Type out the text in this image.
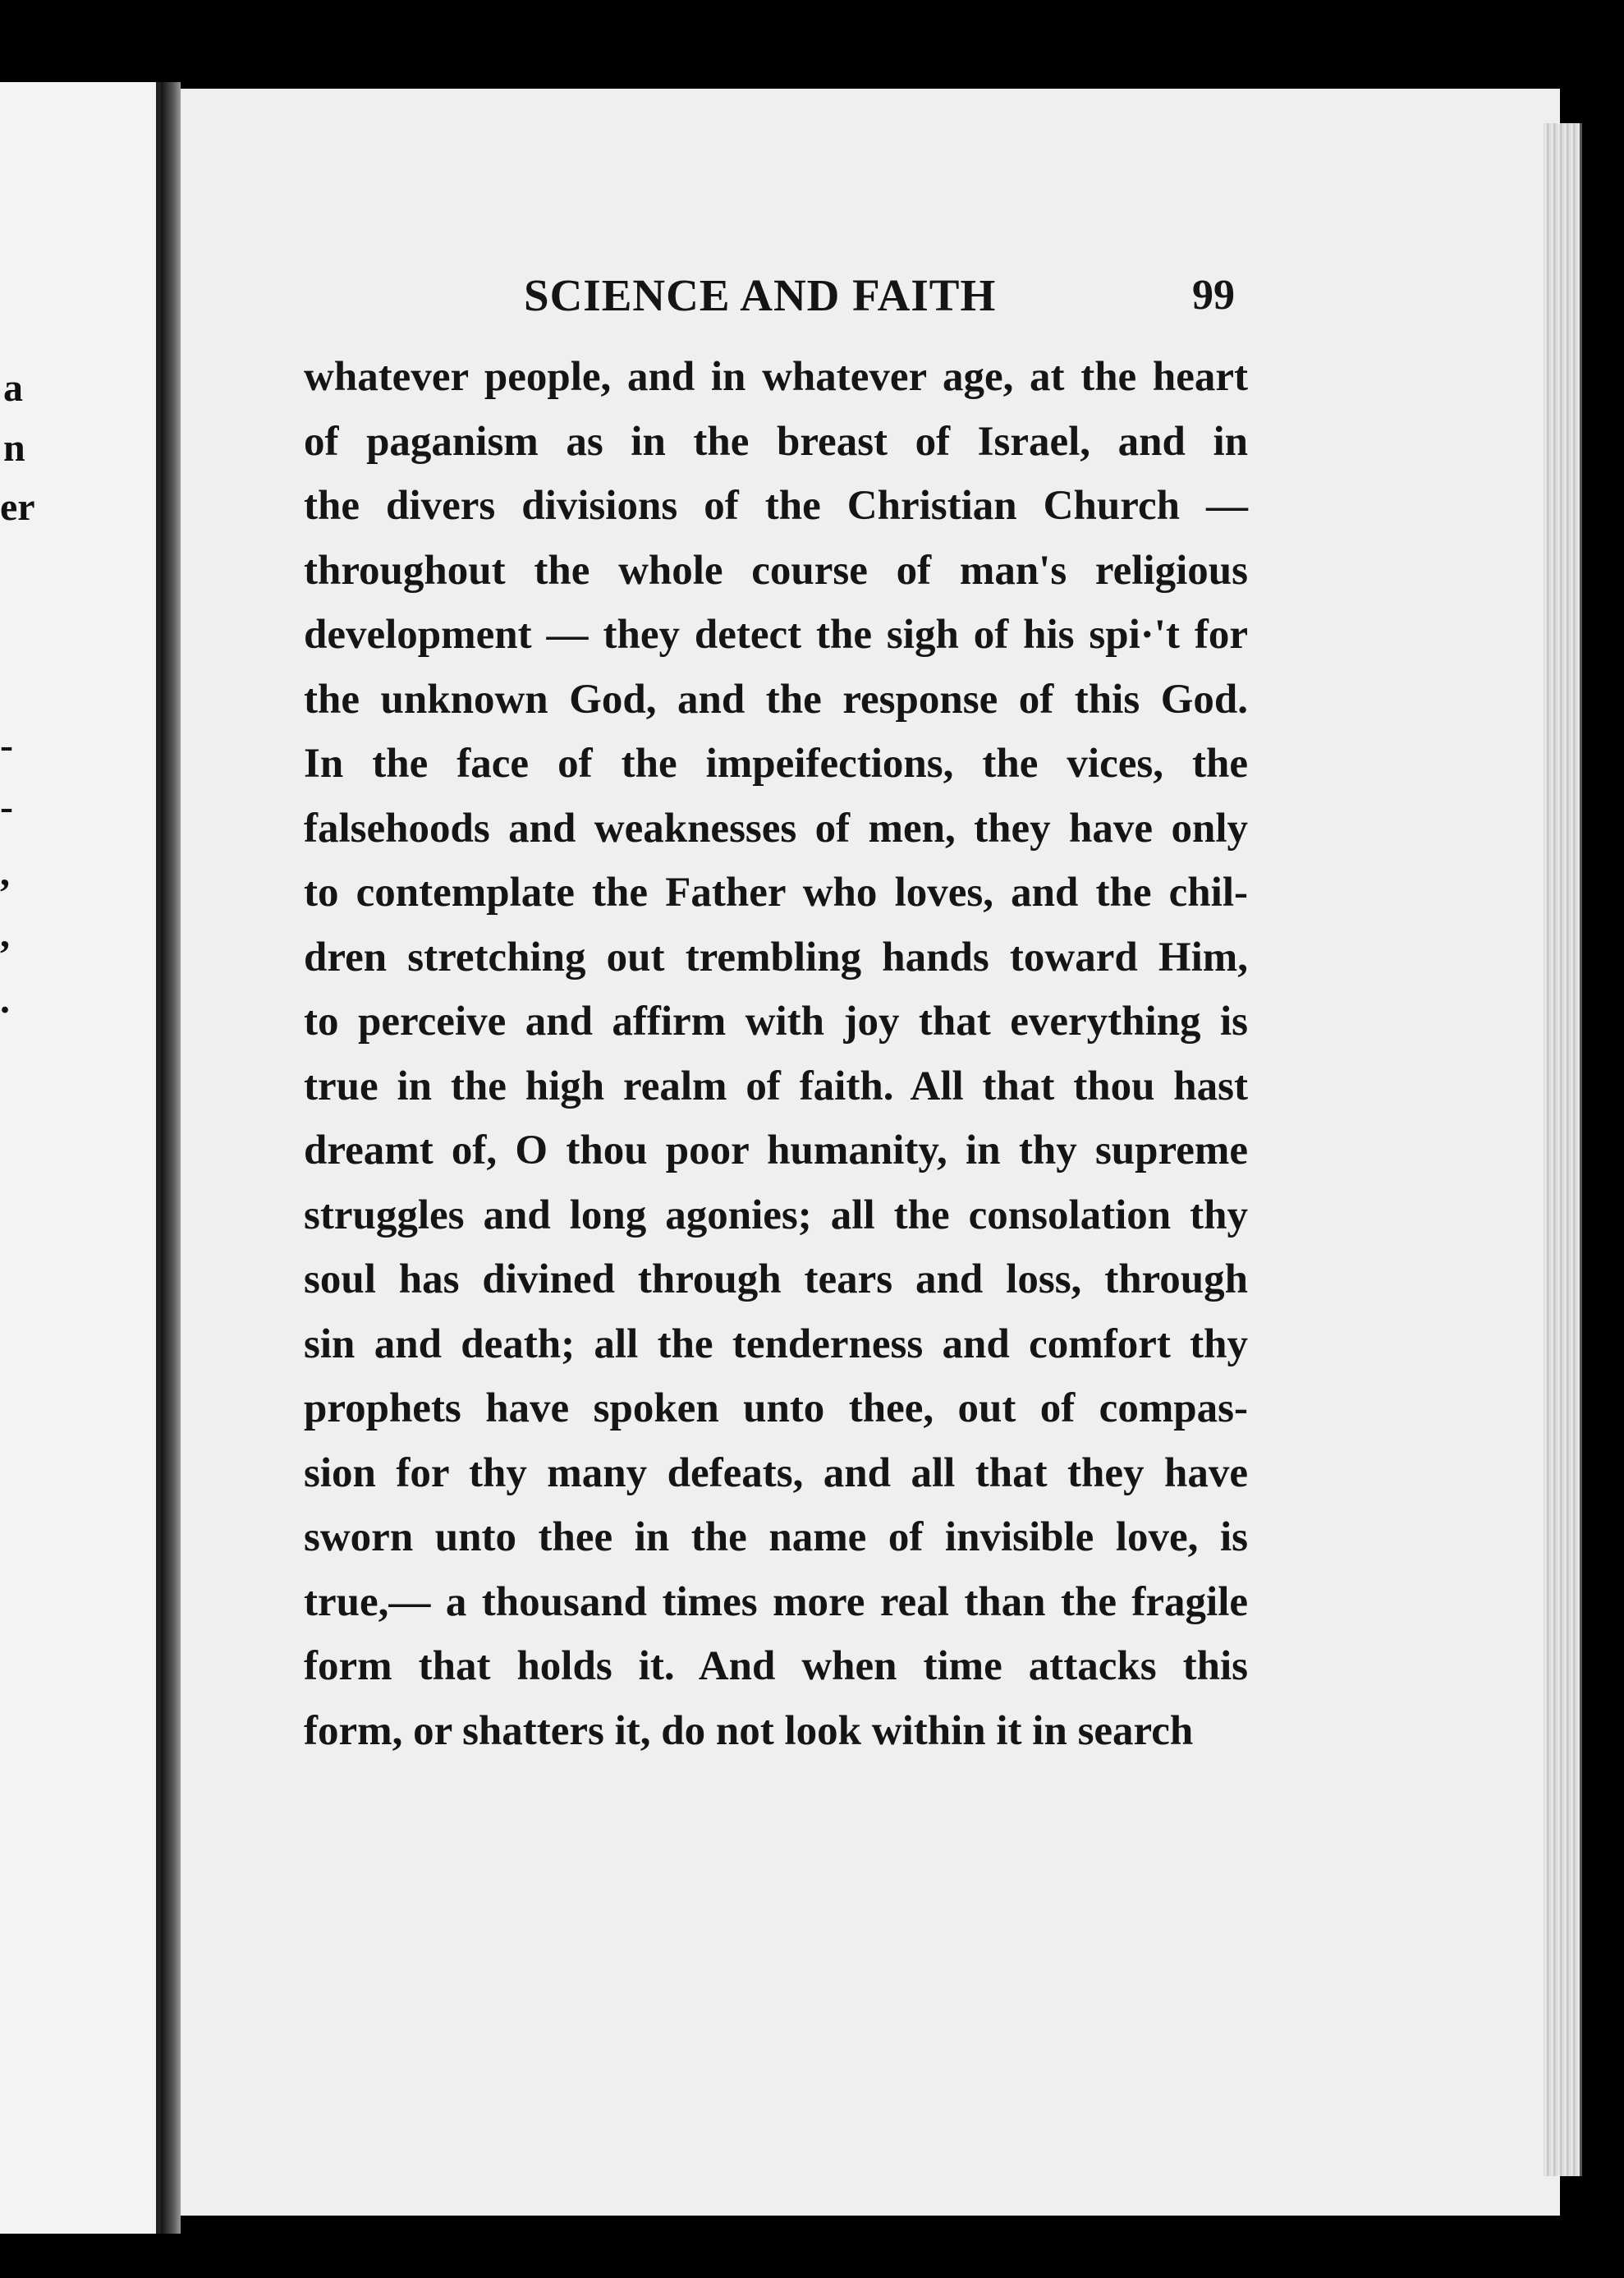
a
n
er
-
-
,
,
.
SCIENCE AND FAITH	99
whatever people, and in whatever age, at the heart
of paganism as in the breast of Israel, and in
the divers divisions of the Christian Church —
throughout the whole course of man's religious
development — they detect the sigh of his spi·'t for
the unknown God, and the response of this God.
In the face of the impeifections, the vices, the
falsehoods and weaknesses of men, they have only
to contemplate the Father who loves, and the chil-
dren stretching out trembling hands toward Him,
to perceive and affirm with joy that everything is
true in the high realm of faith. All that thou hast
dreamt of, O thou poor humanity, in thy supreme
struggles and long agonies; all the consolation thy
soul has divined through tears and loss, through
sin and death; all the tenderness and comfort thy
prophets have spoken unto thee, out of compas-
sion for thy many defeats, and all that they have
sworn unto thee in the name of invisible love, is
true,— a thousand times more real than the fragile
form that holds it. And when time attacks this
form, or shatters it, do not look within it in search
